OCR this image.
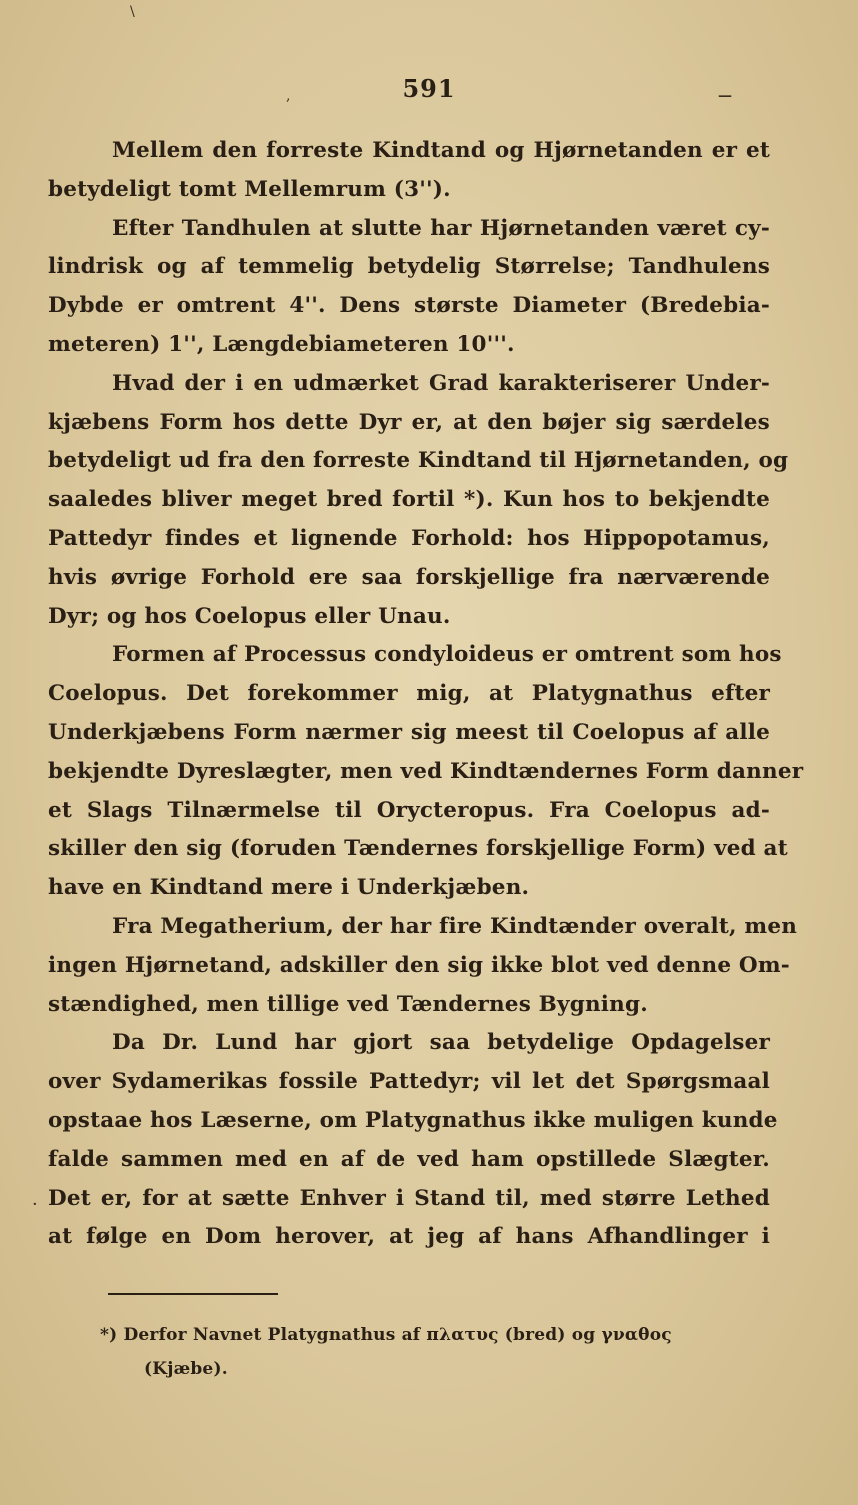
\
591	—
,
·
Mellem den forreste Kindtand og Hjørnetanden er et
betydeligt tomt Mellemrum (3'').
Efter Tandhulen at slutte har Hjørnetanden været cy-
lindrisk og af temmelig betydelig Størrelse; Tandhulens
Dybde er omtrent 4''. Dens største Diameter (Bredebia-
meteren) 1'', Længdebiameteren 10'''.
Hvad der i en udmærket Grad karakteriserer Under-
kjæbens Form hos dette Dyr er, at den bøjer sig særdeles
betydeligt ud fra den forreste Kindtand til Hjørnetanden, og
saaledes bliver meget bred fortil *). Kun hos to bekjendte
Pattedyr findes et lignende Forhold: hos Hippopotamus,
hvis øvrige Forhold ere saa forskjellige fra nærværende
Dyr; og hos Coelopus eller Unau.
Formen af Processus condyloideus er omtrent som hos
Coelopus. Det forekommer mig, at Platygnathus efter
Underkjæbens Form nærmer sig meest til Coelopus af alle
bekjendte Dyreslægter, men ved Kindtændernes Form danner
et Slags Tilnærmelse til Orycteropus. Fra Coelopus ad-
skiller den sig (foruden Tændernes forskjellige Form) ved at
have en Kindtand mere i Underkjæben.
Fra Megatherium, der har fire Kindtænder overalt, men
ingen Hjørnetand, adskiller den sig ikke blot ved denne Om-
stændighed, men tillige ved Tændernes Bygning.
Da Dr. Lund har gjort saa betydelige Opdagelser
over Sydamerikas fossile Pattedyr; vil let det Spørgsmaal
opstaae hos Læserne, om Platygnathus ikke muligen kunde
falde sammen med en af de ved ham opstillede Slægter.
Det er, for at sætte Enhver i Stand til, med større Lethed
at følge en Dom herover, at jeg af hans Afhandlinger i
*) Derfor Navnet Platygnathus af πλατυς (bred) og γναθος
(Kjæbe).
